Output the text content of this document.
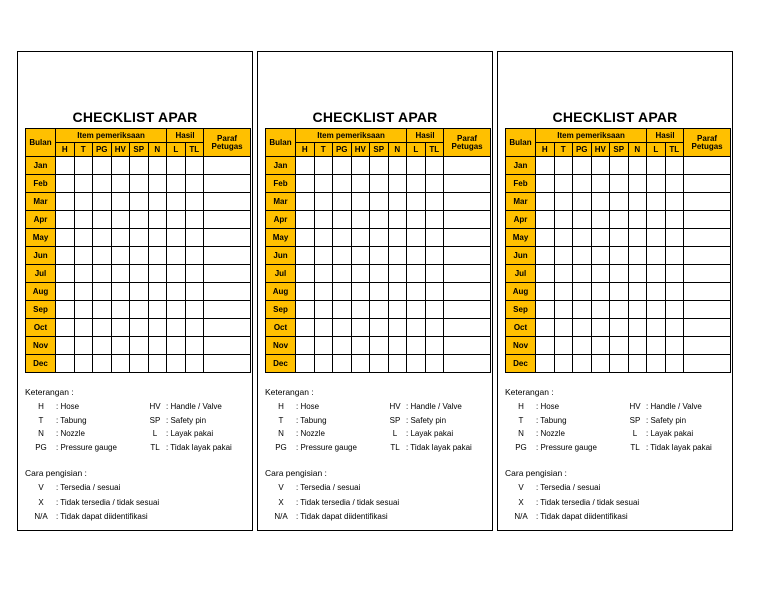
CHECKLIST APAR
Bulan	Item pemeriksaan						Hasil		Paraf Petugas
	H	T	PG	HV	SP	N	L	TL	
Jan									
Feb									
Mar									
Apr									
May									
Jun									
Jul									
Aug									
Sep									
Oct									
Nov									
Dec									
Keterangan :
H	: Hose	HV : Handle / Valve
T	: Tabung	SP : Safety pin
N	: Nozzle	L	: Layak pakai
PG	: Pressure gauge	TL : Tidak layak pakai
Cara pengisian :
V	: Tersedia / sesuai
X	: Tidak tersedia / tidak sesuai
N/A	: Tidak dapat diidentifikasi
CHECKLIST APAR
Bulan	Item pemeriksaan						Hasil		Paraf Petugas
	H	T	PG	HV	SP	N	L	TL	
Jan									
Feb									
Mar									
Apr									
May									
Jun									
Jul									
Aug									
Sep									
Oct									
Nov									
Dec									
Keterangan :
H	: Hose	HV : Handle / Valve
T	: Tabung	SP : Safety pin
N	: Nozzle	L	: Layak pakai
PG	: Pressure gauge	TL : Tidak layak pakai
Cara pengisian :
V	: Tersedia / sesuai
X	: Tidak tersedia / tidak sesuai
N/A	: Tidak dapat diidentifikasi
CHECKLIST APAR
Bulan	Item pemeriksaan						Hasil		Paraf Petugas
	H	T	PG	HV	SP	N	L	TL	
Jan									
Feb									
Mar									
Apr									
May									
Jun									
Jul									
Aug									
Sep									
Oct									
Nov									
Dec									
Keterangan :
H	: Hose	HV : Handle / Valve
T	: Tabung	SP : Safety pin
N	: Nozzle	L	: Layak pakai
PG	: Pressure gauge	TL : Tidak layak pakai
Cara pengisian :
V	: Tersedia / sesuai
X	: Tidak tersedia / tidak sesuai
N/A	: Tidak dapat diidentifikasi
